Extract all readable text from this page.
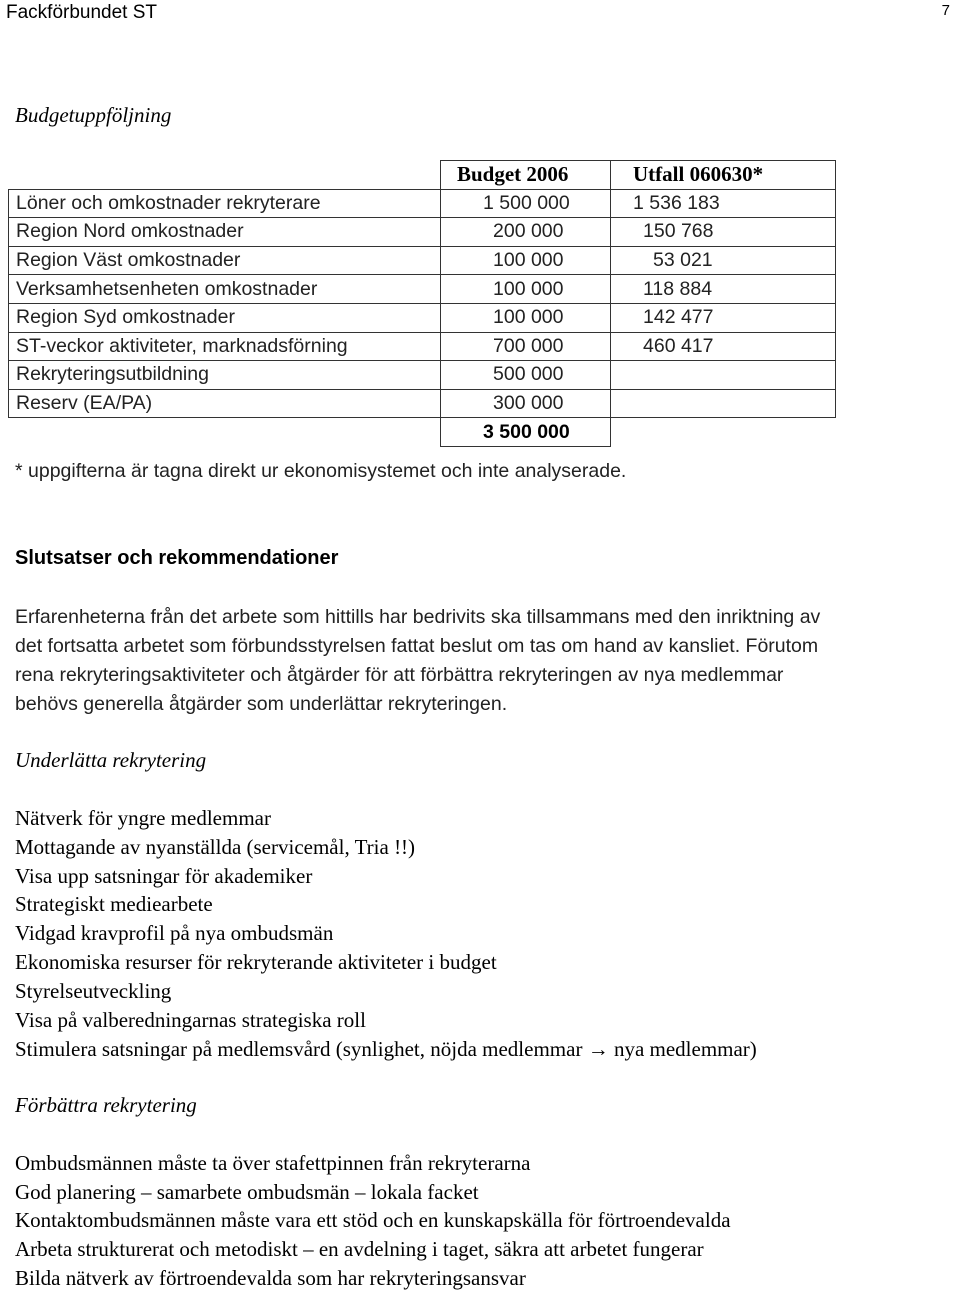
Fackförbundet ST	7
Budgetuppföljning
	Budget 2006	Utfall 060630*
Löner och omkostnader rekryterare	1 500 000	1 536 183
Region Nord omkostnader	200 000	150 768
Region Väst omkostnader	100 000	53 021
Verksamhetsenheten omkostnader	100 000	118 884
Region Syd omkostnader	100 000	142 477
ST-veckor aktiviteter, marknadsförning	700 000	460 417
Rekryteringsutbildning	500 000	
Reserv (EA/PA)	300 000	
	3 500 000	
* uppgifterna är tagna direkt ur ekonomisystemet och inte analyserade.
Slutsatser och rekommendationer
Erfarenheterna från det arbete som hittills har bedrivits ska tillsammans med den inriktning av
det fortsatta arbetet som förbundsstyrelsen fattat beslut om tas om hand av kansliet. Förutom
rena rekryteringsaktiviteter och åtgärder för att förbättra rekryteringen av nya medlemmar
behövs generella åtgärder som underlättar rekryteringen.
Underlätta rekrytering
Nätverk för yngre medlemmar
Mottagande av nyanställda (servicemål, Tria !!)
Visa upp satsningar för akademiker
Strategiskt mediearbete
Vidgad kravprofil på nya ombudsmän
Ekonomiska resurser för rekryterande aktiviteter i budget
Styrelseutveckling
Visa på valberedningarnas strategiska roll
Stimulera satsningar på medlemsvård (synlighet, nöjda medlemmar → nya medlemmar)
Förbättra rekrytering
Ombudsmännen måste ta över stafettpinnen från rekryterarna
God planering – samarbete ombudsmän – lokala facket
Kontaktombudsmännen måste vara ett stöd och en kunskapskälla för förtroendevalda
Arbeta strukturerat och metodiskt – en avdelning i taget, säkra att arbetet fungerar
Bilda nätverk av förtroendevalda som har rekryteringsansvar
